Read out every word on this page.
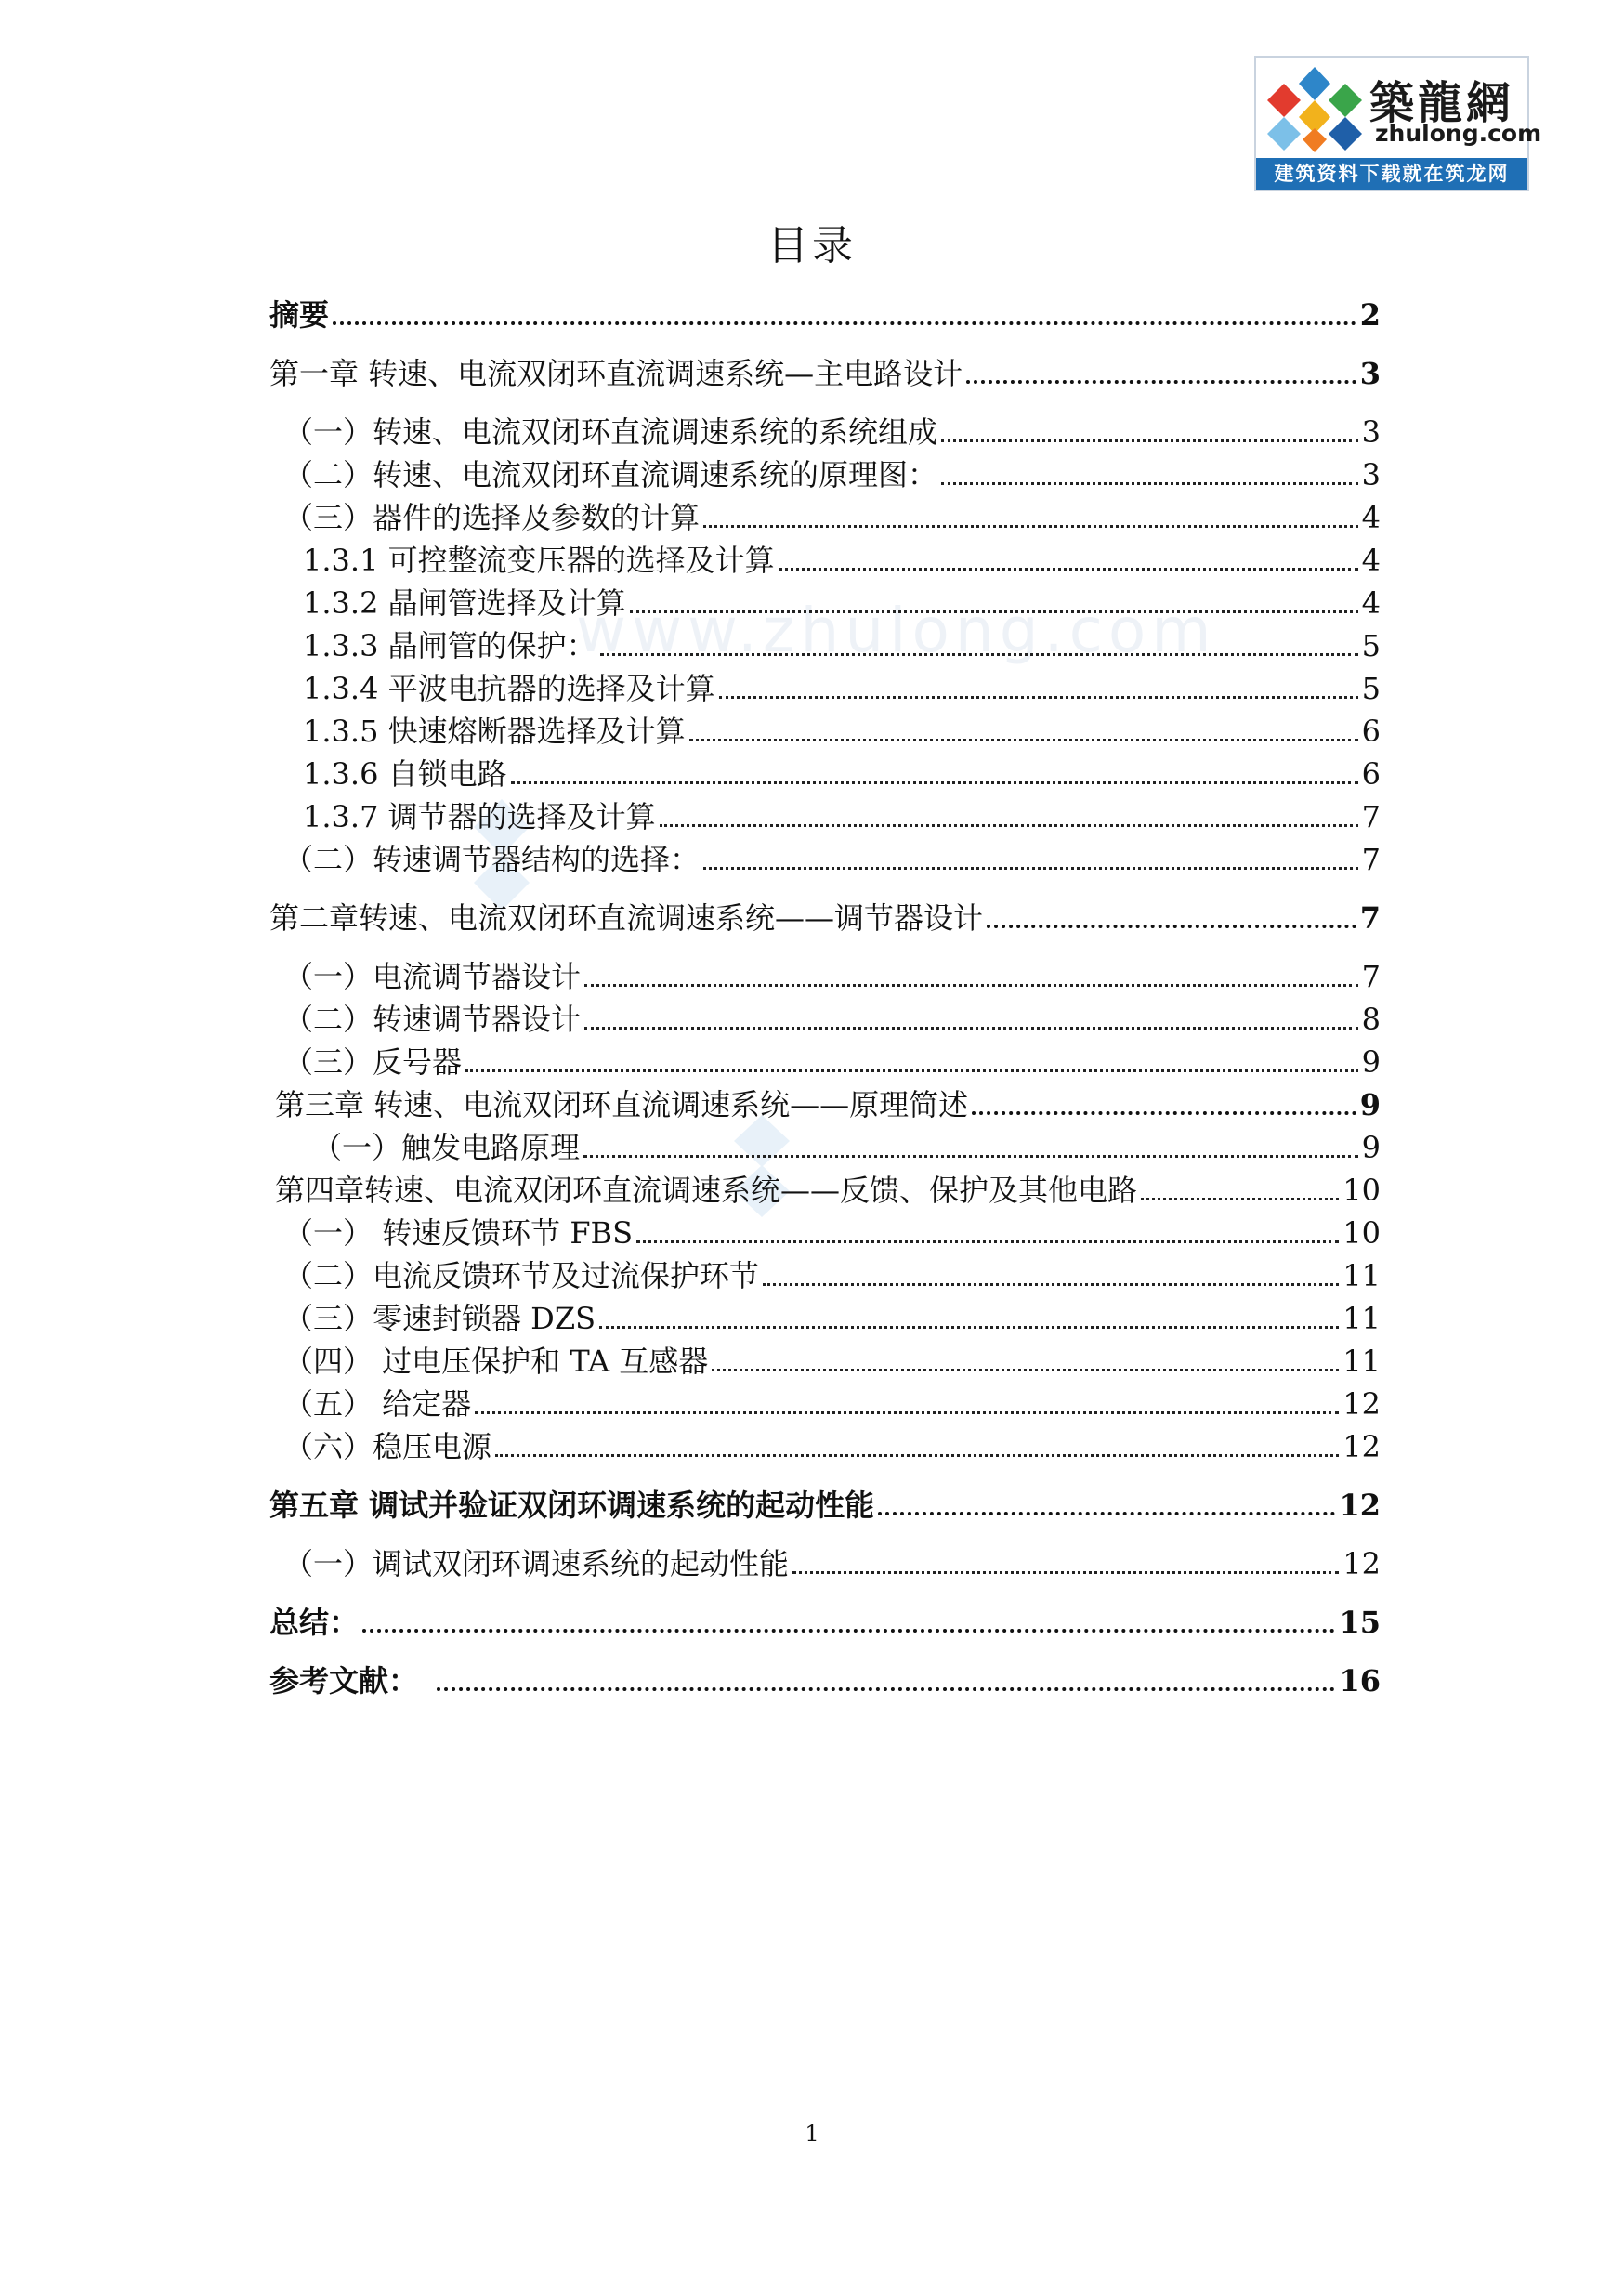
築龍網
zhulong.com
建筑资料下载就在筑龙网
www.zhulong.com
目录
摘要	2
第一章 转速、电流双闭环直流调速系统—主电路设计	3
（一）转速、电流双闭环直流调速系统的系统组成	3
（二）转速、电流双闭环直流调速系统的原理图：	3
（三）器件的选择及参数的计算	4
1.3.1 可控整流变压器的选择及计算	4
1.3.2 晶闸管选择及计算	4
1.3.3 晶闸管的保护：	5
1.3.4 平波电抗器的选择及计算	5
1.3.5 快速熔断器选择及计算	6
1.3.6 自锁电路	6
1.3.7 调节器的选择及计算	7
（二）转速调节器结构的选择：	7
第二章转速、电流双闭环直流调速系统——调节器设计	7
（一）电流调节器设计	7
（二）转速调节器设计	8
（三）反号器	9
第三章 转速、电流双闭环直流调速系统——原理简述	9
（一）触发电路原理	9
第四章转速、电流双闭环直流调速系统——反馈、保护及其他电路	10
（一） 转速反馈环节 FBS	10
（二）电流反馈环节及过流保护环节	11
（三）零速封锁器 DZS	11
（四） 过电压保护和 TA 互感器	11
（五） 给定器	12
（六）稳压电源	12
第五章 调试并验证双闭环调速系统的起动性能	12
（一）调试双闭环调速系统的起动性能	12
总结：	15
参考文献：	16
1
